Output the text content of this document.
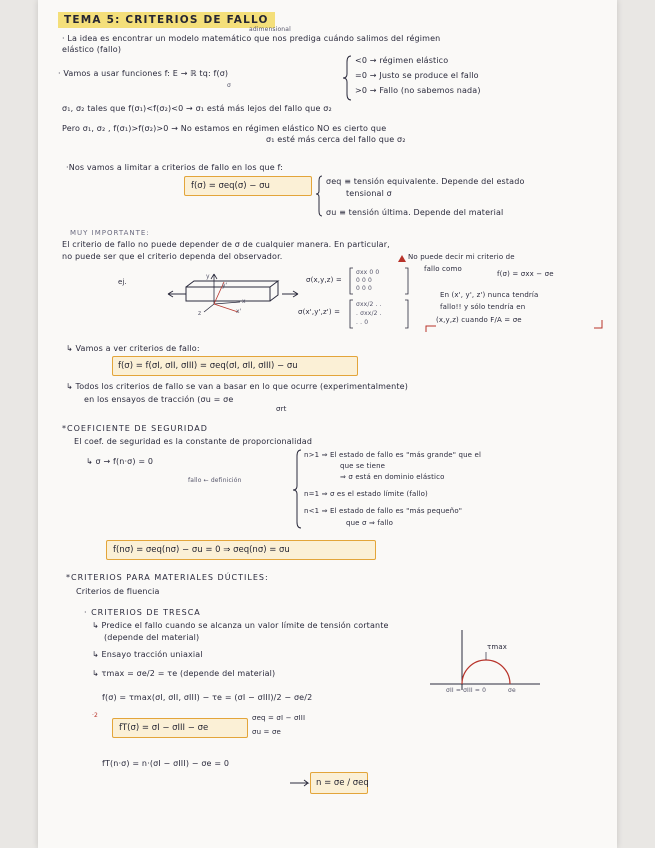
TEMA 5: CRITERIOS DE FALLO
adimensional
· La idea es encontrar un modelo matemático que nos prediga cuándo salimos del régimen
elástico (fallo)
· Vamos a usar funciones f: E → ℝ tq: f(σ)
σ
<0 → régimen elástico
=0 → Justo se produce el fallo
>0 → Fallo (no sabemos nada)
σ₁, σ₂ tales que f(σ₁)<f(σ₂)<0 → σ₁ está más lejos del fallo que σ₂
Pero σ₁, σ₂ , f(σ₁)>f(σ₂)>0 → No estamos en régimen elástico NO es cierto que
σ₁ esté más cerca del fallo que σ₂
·Nos vamos a limitar a criterios de fallo en los que f:
f(σ) = σeq(σ) − σu	σeq ≡ tensión equivalente. Depende del estado
tensional σ
σu ≡ tensión última. Depende del material
MUY IMPORTANTE:
El criterio de fallo no puede depender de σ de cualquier manera. En particular,
no puede ser que el criterio dependa del observador.	No puede decir mi criterio de
fallo como
f(σ) = σxx − σe
ej.
y
x
y'
x'
z
σ(x,y,z) =
σxx 0 0
0 0 0
0 0 0
σ(x',y',z') =
σxx/2 . .
. σxx/2 .
. . 0
En (x', y', z') nunca tendría
fallo!! y sólo tendría en
(x,y,z) cuando F/A = σe
↳ Vamos a ver criterios de fallo:
f(σ) = f(σI, σII, σIII) = σeq(σI, σII, σIII) − σu
↳ Todos los criterios de fallo se van a basar en lo que ocurre (experimentalmente)
en los ensayos de tracción (σu = σe
σrt
*COEFICIENTE DE SEGURIDAD
El coef. de seguridad es la constante de proporcionalidad
↳ σ → f(n·σ) = 0
fallo ← definición
n>1 ⇒ El estado de fallo es "más grande" que el
que se tiene
⇒ σ está en dominio elástico
n=1 ⇒ σ es el estado límite (fallo)
n<1 ⇒ El estado de fallo es "más pequeño"
que σ ⇒ fallo
f(nσ) = σeq(nσ) − σu = 0 ⇒ σeq(nσ) = σu
*CRITERIOS PARA MATERIALES DÚCTILES:
Criterios de fluencia
· CRITERIOS DE TRESCA
↳ Predice el fallo cuando se alcanza un valor límite de tensión cortante
(depende del material)
↳ Ensayo tracción uniaxial
↳ τmax = σe/2 = τe (depende del material)
f(σ) = τmax(σI, σII, σIII) − τe = (σI − σIII)/2 − σe/2
·2
fT(σ) = σI − σIII − σe
σeq = σI − σIII
σu = σe
fT(n·σ) = n·(σI − σIII) − σe = 0
n = σe / σeq
τmax
σII = σIII = 0	σe
